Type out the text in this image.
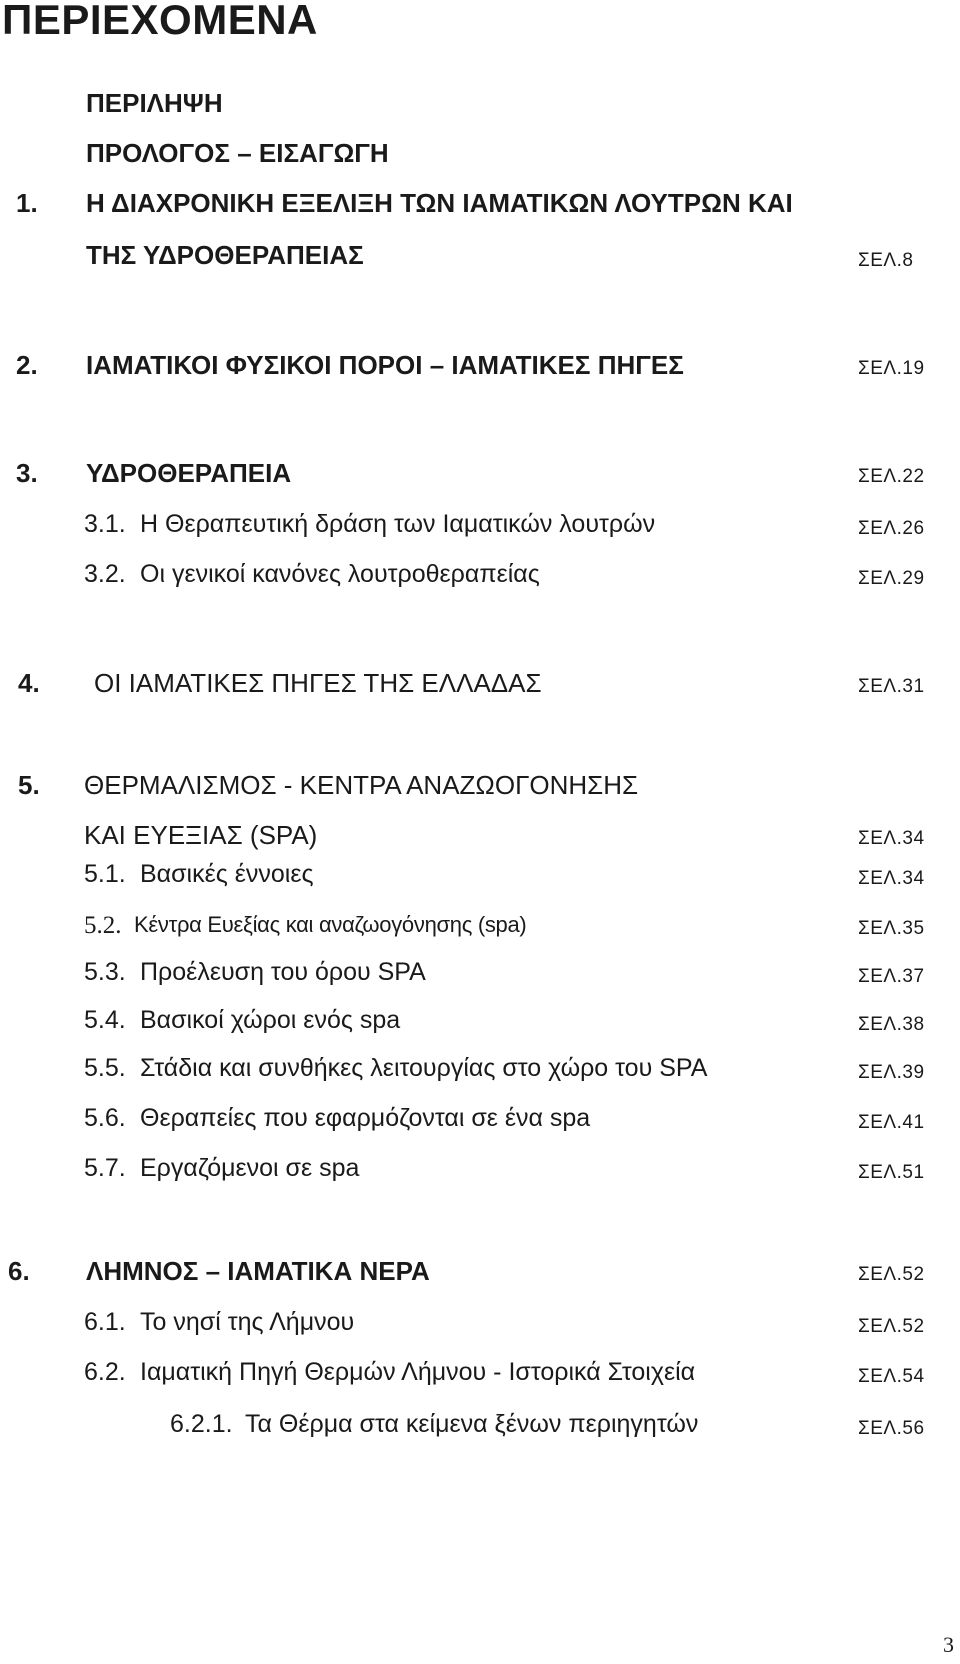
ΠΕΡΙΕΧΟΜΕΝΑ
ΠΕΡΙΛΗΨΗ
ΠΡΟΛΟΓΟΣ – ΕΙΣΑΓΩΓΗ
1. Η ΔΙΑΧΡΟΝΙΚΗ ΕΞΕΛΙΞΗ ΤΩΝ ΙΑΜΑΤΙΚΩΝ ΛΟΥΤΡΩΝ ΚΑΙ
ΤΗΣ ΥΔΡΟΘΕΡΑΠΕΙΑΣ	ΣΕΛ.8
2. ΙΑΜΑΤΙΚΟΙ ΦΥΣΙΚΟΙ ΠΟΡΟΙ – ΙΑΜΑΤΙΚΕΣ ΠΗΓΕΣ	ΣΕΛ.19
3. ΥΔΡΟΘΕΡΑΠΕΙΑ	ΣΕΛ.22
3.1. Η Θεραπευτική δράση των Ιαματικών λουτρών	ΣΕΛ.26
3.2. Οι γενικοί κανόνες λουτροθεραπείας	ΣΕΛ.29
4. ΟΙ ΙΑΜΑΤΙΚΕΣ ΠΗΓΕΣ ΤΗΣ ΕΛΛΑΔΑΣ	ΣΕΛ.31
5. ΘΕΡΜΑΛΙΣΜΟΣ - ΚΕΝΤΡΑ ΑΝΑΖΩΟΓΟΝΗΣΗΣ
ΚΑΙ ΕΥΕΞΙΑΣ (SPA)	ΣΕΛ.34
5.1. Βασικές έννοιες	ΣΕΛ.34
5.2. Κέντρα Ευεξίας και αναζωογόνησης (spa)	ΣΕΛ.35
5.3. Προέλευση του όρου SPA	ΣΕΛ.37
5.4. Βασικοί χώροι ενός spa	ΣΕΛ.38
5.5. Στάδια και συνθήκες λειτουργίας στο χώρο του SPA	ΣΕΛ.39
5.6. Θεραπείες που εφαρμόζονται σε ένα spa	ΣΕΛ.41
5.7. Εργαζόμενοι σε spa	ΣΕΛ.51
6. ΛΗΜΝΟΣ – ΙΑΜΑΤΙΚΑ ΝΕΡΑ	ΣΕΛ.52
6.1. Το νησί της Λήμνου	ΣΕΛ.52
6.2. Ιαματική Πηγή Θερμών Λήμνου - Ιστορικά Στοιχεία	ΣΕΛ.54
6.2.1. Τα Θέρμα στα κείμενα ξένων περιηγητών	ΣΕΛ.56
3
